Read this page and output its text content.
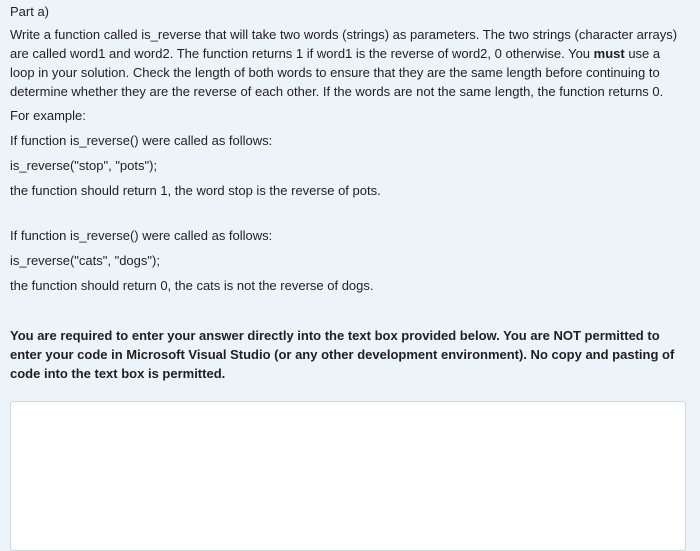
Part a)
Write a function called is_reverse that will take two words (strings) as parameters. The two strings (character arrays) are called word1 and word2. The function returns 1 if word1 is the reverse of word2, 0 otherwise. You must use a loop in your solution. Check the length of both words to ensure that they are the same length before continuing to determine whether they are the reverse of each other. If the words are not the same length, the function returns 0.
For example:
If function is_reverse() were called as follows:
is_reverse("stop", "pots");
the function should return 1, the word stop is the reverse of pots.
If function is_reverse() were called as follows:
is_reverse("cats", "dogs");
the function should return 0, the cats is not the reverse of dogs.
You are required to enter your answer directly into the text box provided below. You are NOT permitted to enter your code in Microsoft Visual Studio (or any other development environment). No copy and pasting of code into the text box is permitted.
